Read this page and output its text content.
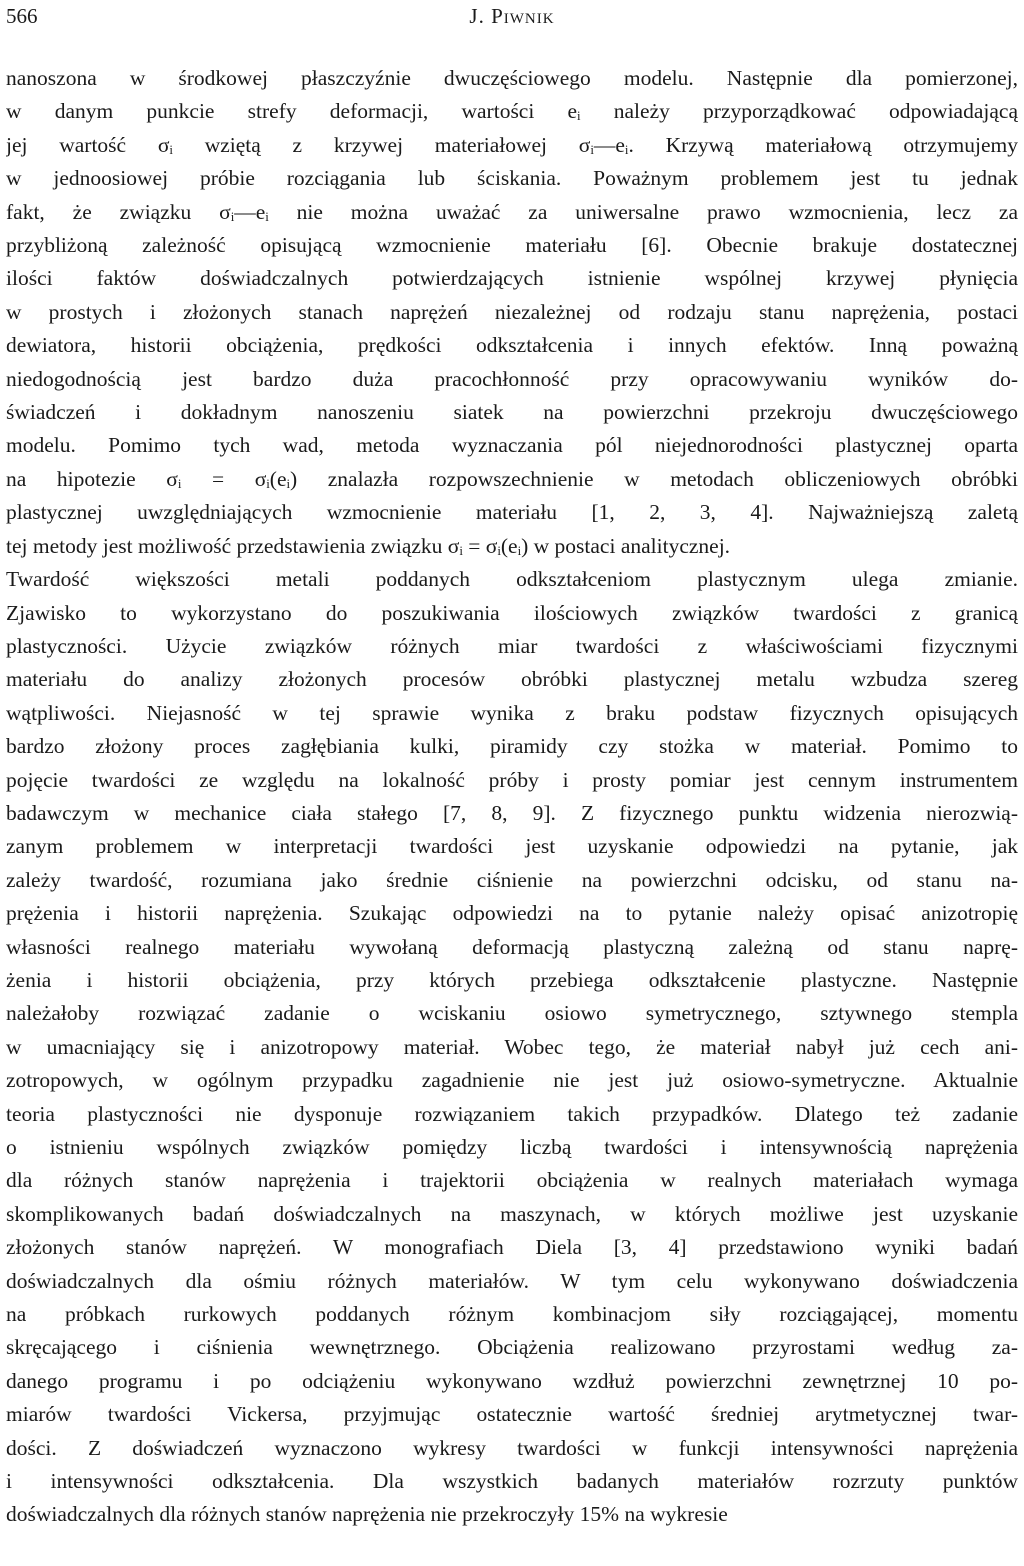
566	J. Piwnik

nanoszona w środkowej płaszczyźnie dwuczęściowego modelu. Następnie dla pomierzonej,
w danym punkcie strefy deformacji, wartości eᵢ należy przyporządkować odpowiadającą
jej wartość σᵢ wziętą z krzywej materiałowej σᵢ—eᵢ. Krzywą materiałową otrzymujemy
w jednoosiowej próbie rozciągania lub ściskania. Poważnym problemem jest tu jednak
fakt, że związku σᵢ—eᵢ nie można uważać za uniwersalne prawo wzmocnienia, lecz za
przybliżoną zależność opisującą wzmocnienie materiału [6]. Obecnie brakuje dostatecznej
ilości faktów doświadczalnych potwierdzających istnienie wspólnej krzywej płynięcia
w prostych i złożonych stanach naprężeń niezależnej od rodzaju stanu naprężenia, postaci
dewiatora, historii obciążenia, prędkości odkształcenia i innych efektów. Inną poważną
niedogodnością jest bardzo duża pracochłonność przy opracowywaniu wyników do-
świadczeń i dokładnym nanoszeniu siatek na powierzchni przekroju dwuczęściowego
modelu. Pomimo tych wad, metoda wyznaczania pól niejednorodności plastycznej oparta
na hipotezie σᵢ = σᵢ(eᵢ) znalazła rozpowszechnienie w metodach obliczeniowych obróbki
plastycznej uwzględniających wzmocnienie materiału [1, 2, 3, 4]. Najważniejszą zaletą
tej metody jest możliwość przedstawienia związku σᵢ = σᵢ(eᵢ) w postaci analitycznej.

Twardość większości metali poddanych odkształceniom plastycznym ulega zmianie.
Zjawisko to wykorzystano do poszukiwania ilościowych związków twardości z granicą
plastyczności. Użycie związków różnych miar twardości z właściwościami fizycznymi
materiału do analizy złożonych procesów obróbki plastycznej metalu wzbudza szereg
wątpliwości. Niejasność w tej sprawie wynika z braku podstaw fizycznych opisujących
bardzo złożony proces zagłębiania kulki, piramidy czy stożka w materiał. Pomimo to
pojęcie twardości ze względu na lokalność próby i prosty pomiar jest cennym instrumentem
badawczym w mechanice ciała stałego [7, 8, 9]. Z fizycznego punktu widzenia nierozwią-
zanym problemem w interpretacji twardości jest uzyskanie odpowiedzi na pytanie, jak
zależy twardość, rozumiana jako średnie ciśnienie na powierzchni odcisku, od stanu na-
prężenia i historii naprężenia. Szukając odpowiedzi na to pytanie należy opisać anizotropię
własności realnego materiału wywołaną deformacją plastyczną zależną od stanu naprę-
żenia i historii obciążenia, przy których przebiega odkształcenie plastyczne. Następnie
należałoby rozwiązać zadanie o wciskaniu osiowo symetrycznego, sztywnego stempla
w umacniający się i anizotropowy materiał. Wobec tego, że materiał nabył już cech ani-
zotropowych, w ogólnym przypadku zagadnienie nie jest już osiowo-symetryczne. Aktualnie
teoria plastyczności nie dysponuje rozwiązaniem takich przypadków. Dlatego też zadanie
o istnieniu wspólnych związków pomiędzy liczbą twardości i intensywnością naprężenia
dla różnych stanów naprężenia i trajektorii obciążenia w realnych materiałach wymaga
skomplikowanych badań doświadczalnych na maszynach, w których możliwe jest uzyskanie
złożonych stanów naprężeń. W monografiach Diela [3, 4] przedstawiono wyniki badań
doświadczalnych dla ośmiu różnych materiałów. W tym celu wykonywano doświadczenia
na próbkach rurkowych poddanych różnym kombinacjom siły rozciągającej, momentu
skręcającego i ciśnienia wewnętrznego. Obciążenia realizowano przyrostami według za-
danego programu i po odciążeniu wykonywano wzdłuż powierzchni zewnętrznej 10 po-
miarów twardości Vickersa, przyjmując ostatecznie wartość średniej arytmetycznej twar-
dości. Z doświadczeń wyznaczono wykresy twardości w funkcji intensywności naprężenia
i intensywności odkształcenia. Dla wszystkich badanych materiałów rozrzuty punktów
doświadczalnych dla różnych stanów naprężenia nie przekroczyły 15% na wykresie
